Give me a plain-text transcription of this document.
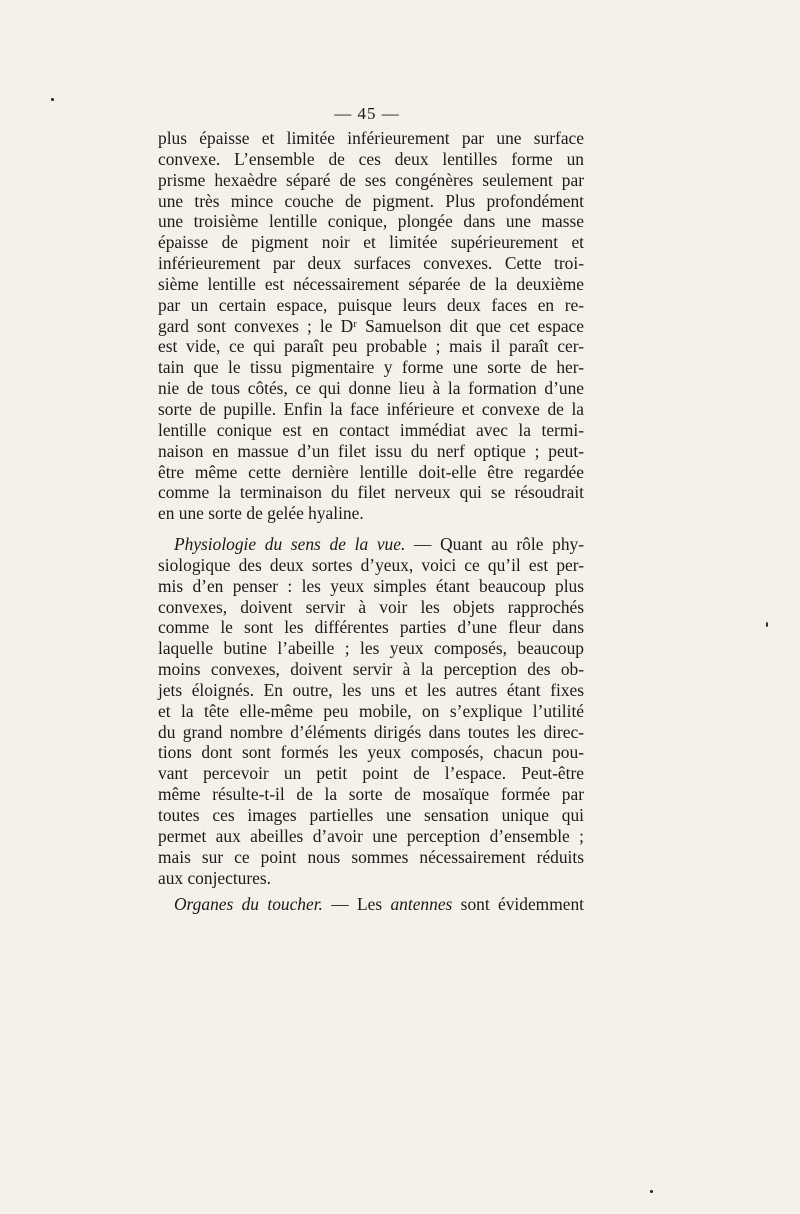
— 45 —
plus épaisse et limitée inférieurement par une surface
convexe. L’ensemble de ces deux lentilles forme un
prisme hexaèdre séparé de ses congénères seulement par
une très mince couche de pigment. Plus profondément
une troisième lentille conique, plongée dans une masse
épaisse de pigment noir et limitée supérieurement et
inférieurement par deux surfaces convexes. Cette troi-
sième lentille est nécessairement séparée de la deuxième
par un certain espace, puisque leurs deux faces en re-
gard sont convexes ; le Dʳ Samuelson dit que cet espace
est vide, ce qui paraît peu probable ; mais il paraît cer-
tain que le tissu pigmentaire y forme une sorte de her-
nie de tous côtés, ce qui donne lieu à la formation d’une
sorte de pupille. Enfin la face inférieure et convexe de la
lentille conique est en contact immédiat avec la termi-
naison en massue d’un filet issu du nerf optique ; peut-
être même cette dernière lentille doit-elle être regardée
comme la terminaison du filet nerveux qui se résoudrait
en une sorte de gelée hyaline.
Physiologie du sens de la vue. — Quant au rôle phy-
siologique des deux sortes d’yeux, voici ce qu’il est per-
mis d’en penser : les yeux simples étant beaucoup plus
convexes, doivent servir à voir les objets rapprochés
comme le sont les différentes parties d’une fleur dans
laquelle butine l’abeille ; les yeux composés, beaucoup
moins convexes, doivent servir à la perception des ob-
jets éloignés. En outre, les uns et les autres étant fixes
et la tête elle-même peu mobile, on s’explique l’utilité
du grand nombre d’éléments dirigés dans toutes les direc-
tions dont sont formés les yeux composés, chacun pou-
vant percevoir un petit point de l’espace. Peut-être
même résulte-t-il de la sorte de mosaïque formée par
toutes ces images partielles une sensation unique qui
permet aux abeilles d’avoir une perception d’ensemble ;
mais sur ce point nous sommes nécessairement réduits
aux conjectures.
Organes du toucher. — Les antennes sont évidemment
